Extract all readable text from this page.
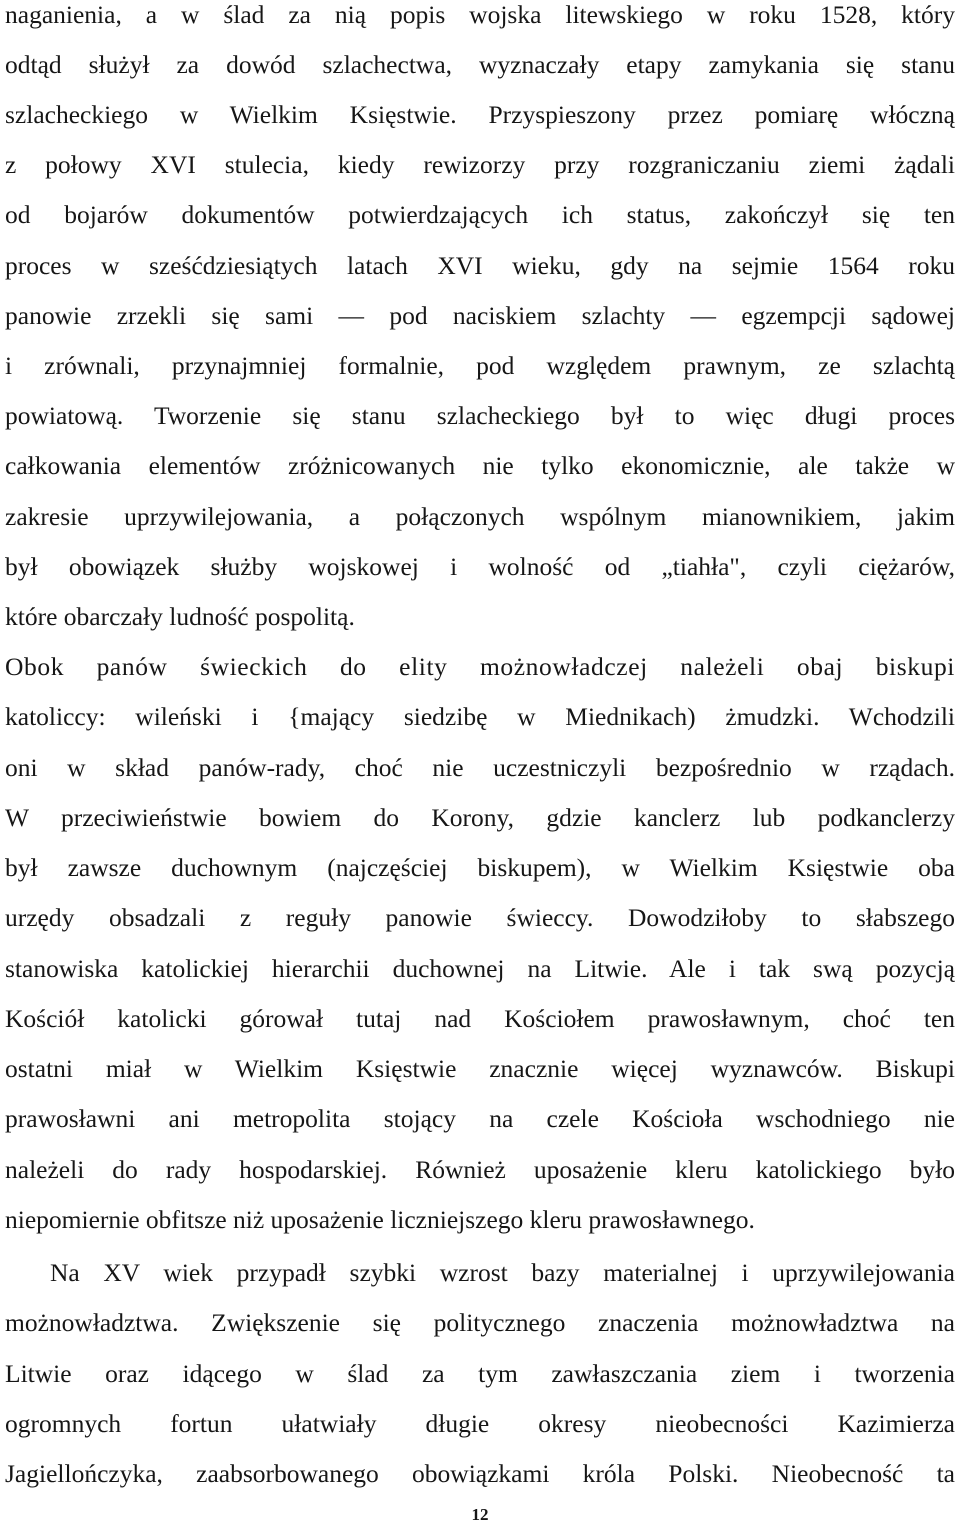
naganienia, a w ślad za nią popis wojska litewskiego w roku 1528, który
odtąd służył za dowód szlachectwa, wyznaczały etapy zamykania się stanu
szlacheckiego w Wielkim Księstwie. Przyspieszony przez pomiarę włóczną
z połowy XVI stulecia, kiedy rewizorzy przy rozgraniczaniu ziemi żądali
od bojarów dokumentów potwierdzających ich status, zakończył się ten
proces w sześćdziesiątych latach XVI wieku, gdy na sejmie 1564 roku
panowie zrzekli się sami — pod naciskiem szlachty — egzempcji sądowej
i zrównali, przynajmniej formalnie, pod względem prawnym, ze szlachtą
powiatową. Tworzenie się stanu szlacheckiego był to więc długi proces
całkowania elementów zróżnicowanych nie tylko ekonomicznie, ale także w
zakresie uprzywilejowania, a połączonych wspólnym mianownikiem, jakim
był obowiązek służby wojskowej i wolność od „tiahła", czyli ciężarów,
które obarczały ludność pospolitą.
Obok panów świeckich do elity możnowładczej należeli obaj biskupi
katoliccy: wileński i {mający siedzibę w Miednikach) żmudzki. Wchodzili
oni w skład panów-rady, choć nie uczestniczyli bezpośrednio w rządach.
W przeciwieństwie bowiem do Korony, gdzie kanclerz lub podkanclerzy
był zawsze duchownym (najczęściej biskupem), w Wielkim Księstwie oba
urzędy obsadzali z reguły panowie świeccy. Dowodziłoby to słabszego
stanowiska katolickiej hierarchii duchownej na Litwie. Ale i tak swą pozycją
Kościół katolicki górował tutaj nad Kościołem prawosławnym, choć ten
ostatni miał w Wielkim Księstwie znacznie więcej wyznawców. Biskupi
prawosławni ani metropolita stojący na czele Kościoła wschodniego nie
należeli do rady hospodarskiej. Również uposażenie kleru katolickiego było
niepomiernie obfitsze niż uposażenie liczniejszego kleru prawosławnego.
Na XV wiek przypadł szybki wzrost bazy materialnej i uprzywilejowania
możnowładztwa. Zwiększenie się politycznego znaczenia możnowładztwa na
Litwie oraz idącego w ślad za tym zawłaszczania ziem i tworzenia
ogromnych fortun ułatwiały długie okresy nieobecności Kazimierza
Jagiellończyka, zaabsorbowanego obowiązkami króla Polski. Nieobecność ta
12
